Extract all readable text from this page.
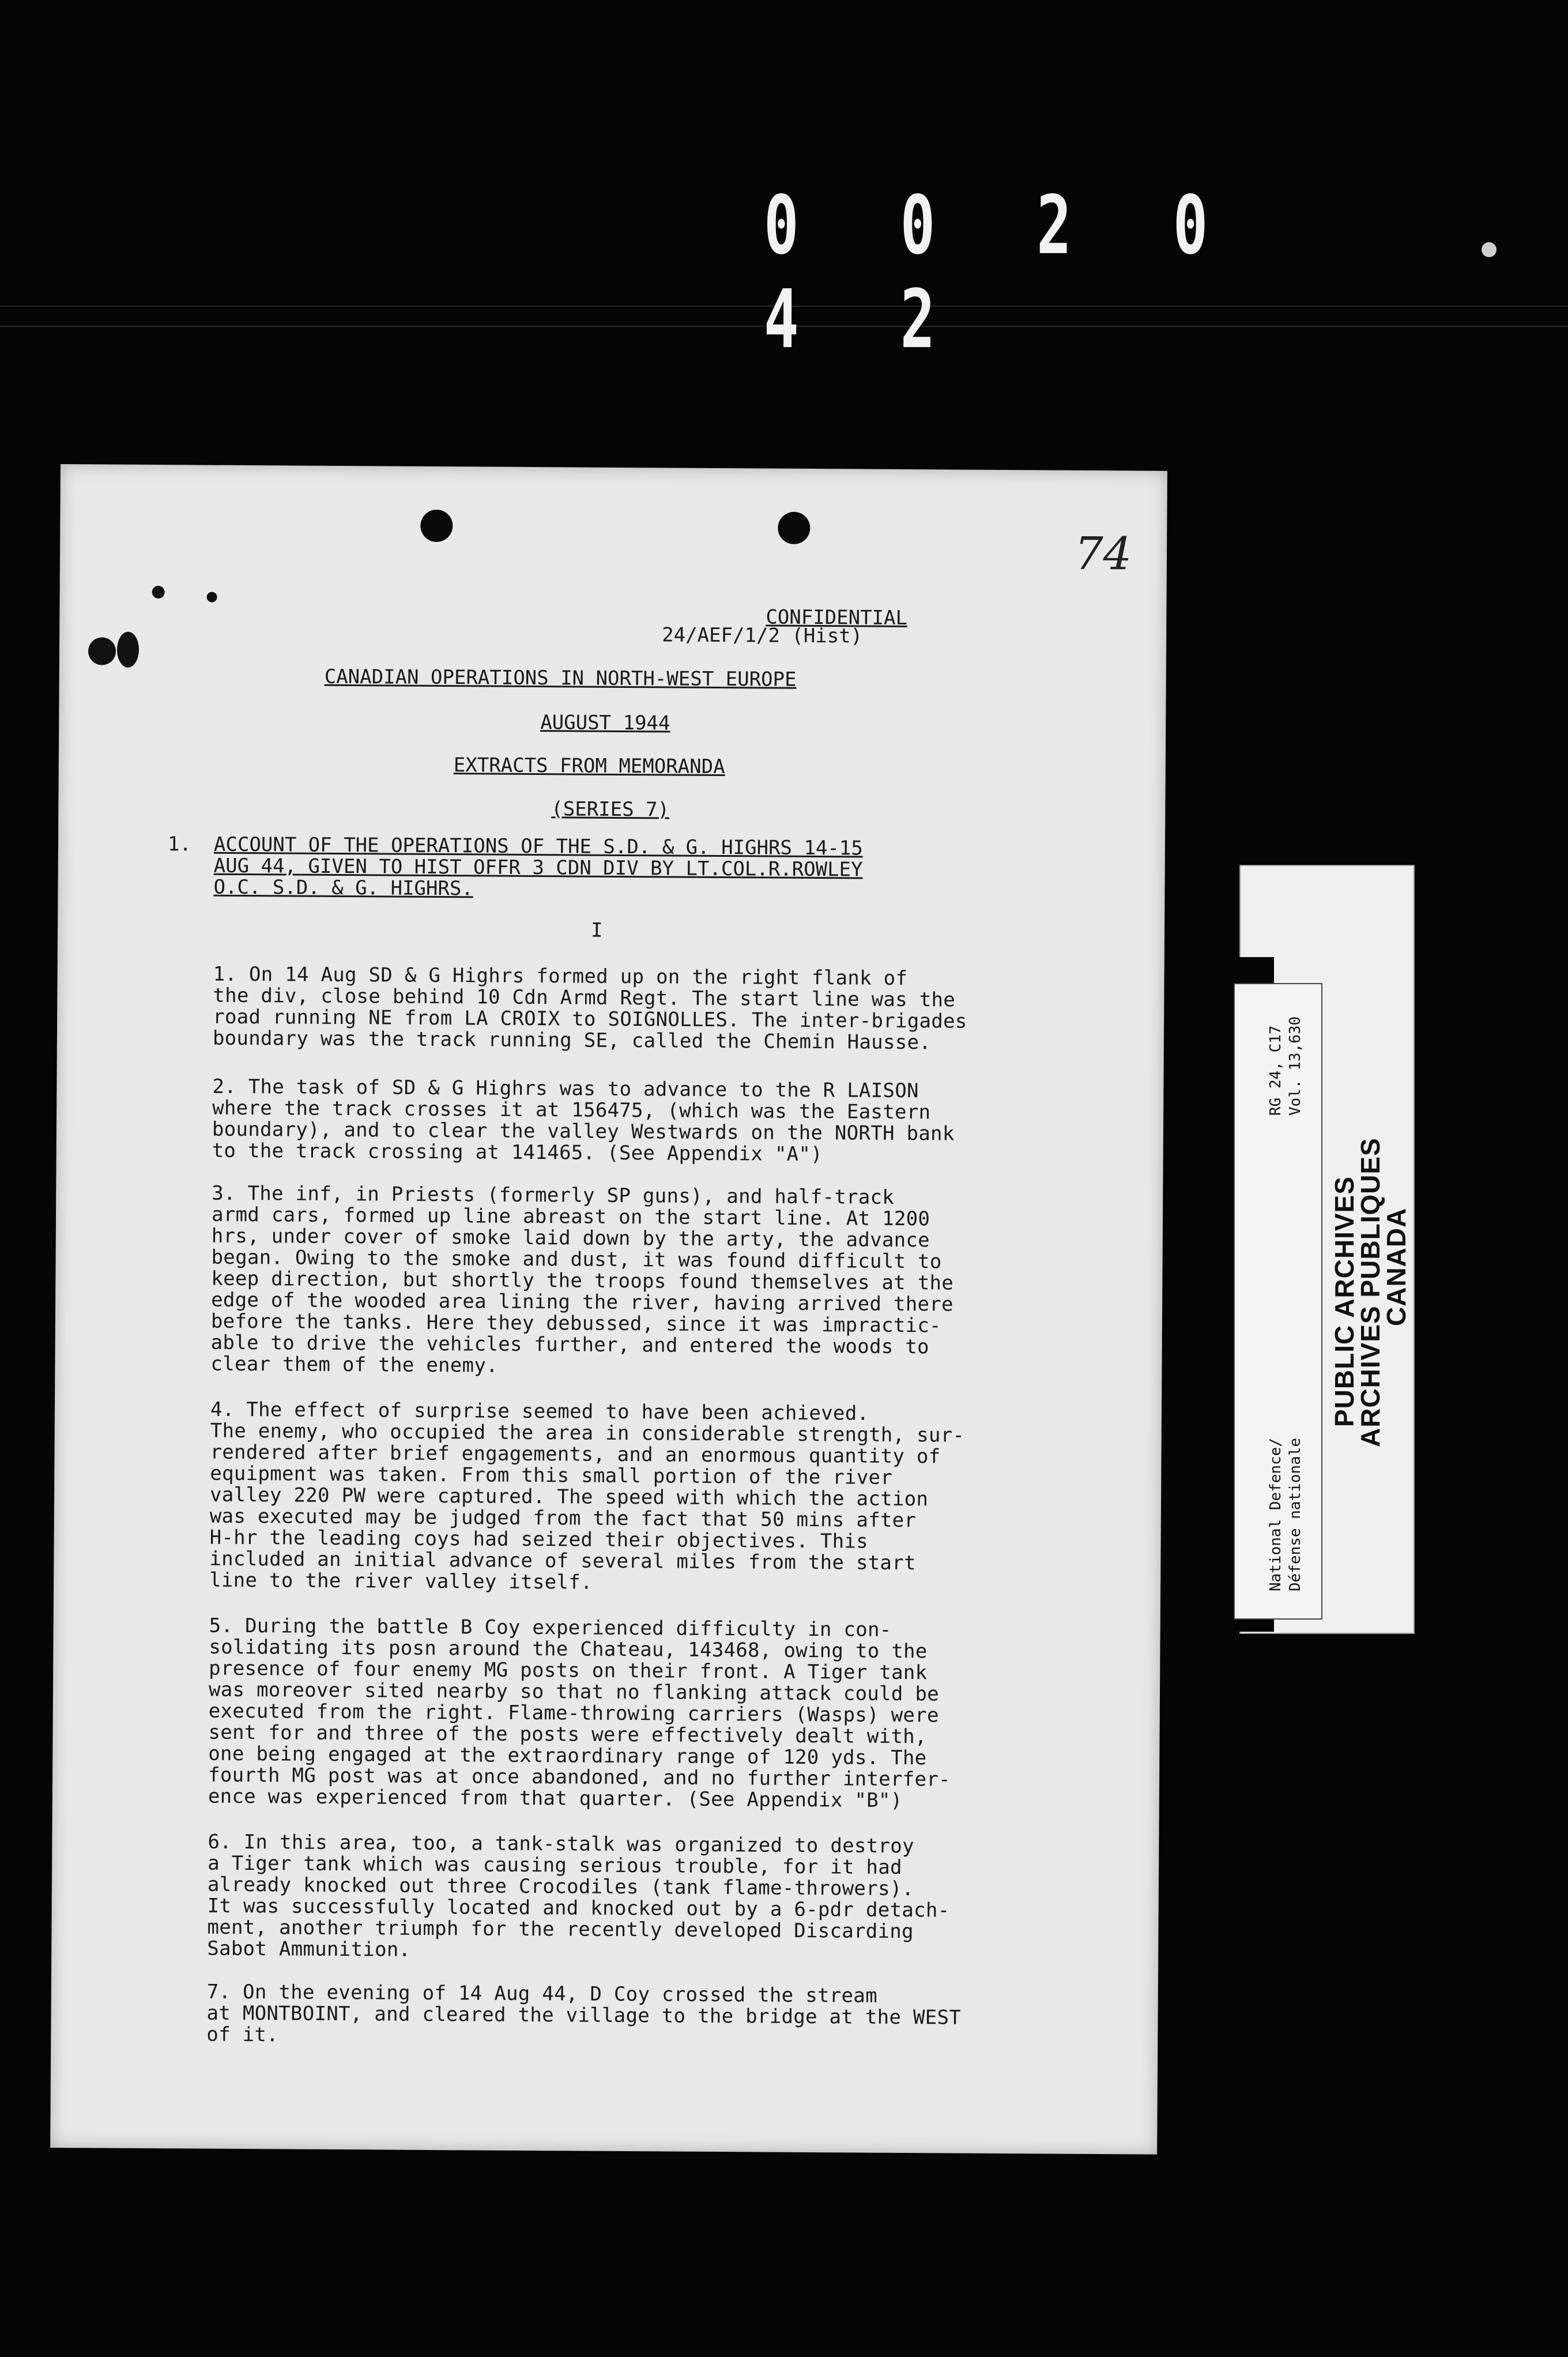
0 0 2 0 4 2
74
CONFIDENTIAL
24/AEF/1/2 (Hist)
CANADIAN OPERATIONS IN NORTH-WEST EUROPE
AUGUST 1944
EXTRACTS FROM MEMORANDA
(SERIES 7)
1. ACCOUNT OF THE OPERATIONS OF THE S.D. & G. HIGHRS 14-15
AUG 44, GIVEN TO HIST OFFR 3 CDN DIV BY LT.COL.R.ROWLEY
O.C. S.D. & G. HIGHRS.
I
1. On 14 Aug SD & G Highrs formed up on the right flank of
the div, close behind 10 Cdn Armd Regt. The start line was the
road running NE from LA CROIX to SOIGNOLLES. The inter-brigades
boundary was the track running SE, called the Chemin Hausse.
2. The task of SD & G Highrs was to advance to the R LAISON
where the track crosses it at 156475, (which was the Eastern
boundary), and to clear the valley Westwards on the NORTH bank
to the track crossing at 141465. (See Appendix "A")
3. The inf, in Priests (formerly SP guns), and half-track
armd cars, formed up line abreast on the start line. At 1200
hrs, under cover of smoke laid down by the arty, the advance
began. Owing to the smoke and dust, it was found difficult to
keep direction, but shortly the troops found themselves at the
edge of the wooded area lining the river, having arrived there
before the tanks. Here they debussed, since it was impractic-
able to drive the vehicles further, and entered the woods to
clear them of the enemy.
4. The effect of surprise seemed to have been achieved.
The enemy, who occupied the area in considerable strength, sur-
rendered after brief engagements, and an enormous quantity of
equipment was taken. From this small portion of the river
valley 220 PW were captured. The speed with which the action
was executed may be judged from the fact that 50 mins after
H-hr the leading coys had seized their objectives. This
included an initial advance of several miles from the start
line to the river valley itself.
5. During the battle B Coy experienced difficulty in con-
solidating its posn around the Chateau, 143468, owing to the
presence of four enemy MG posts on their front. A Tiger tank
was moreover sited nearby so that no flanking attack could be
executed from the right. Flame-throwing carriers (Wasps) were
sent for and three of the posts were effectively dealt with,
one being engaged at the extraordinary range of 120 yds. The
fourth MG post was at once abandoned, and no further interfer-
ence was experienced from that quarter. (See Appendix "B")
6. In this area, too, a tank-stalk was organized to destroy
a Tiger tank which was causing serious trouble, for it had
already knocked out three Crocodiles (tank flame-throwers).
It was successfully located and knocked out by a 6-pdr detach-
ment, another triumph for the recently developed Discarding
Sabot Ammunition.
7. On the evening of 14 Aug 44, D Coy crossed the stream
at MONTBOINT, and cleared the village to the bridge at the WEST
of it.
RG 24, C17 Vol. 13,630
National Defence/ Défense nationale
PUBLIC ARCHIVES
ARCHIVES PUBLIQUES
CANADA
